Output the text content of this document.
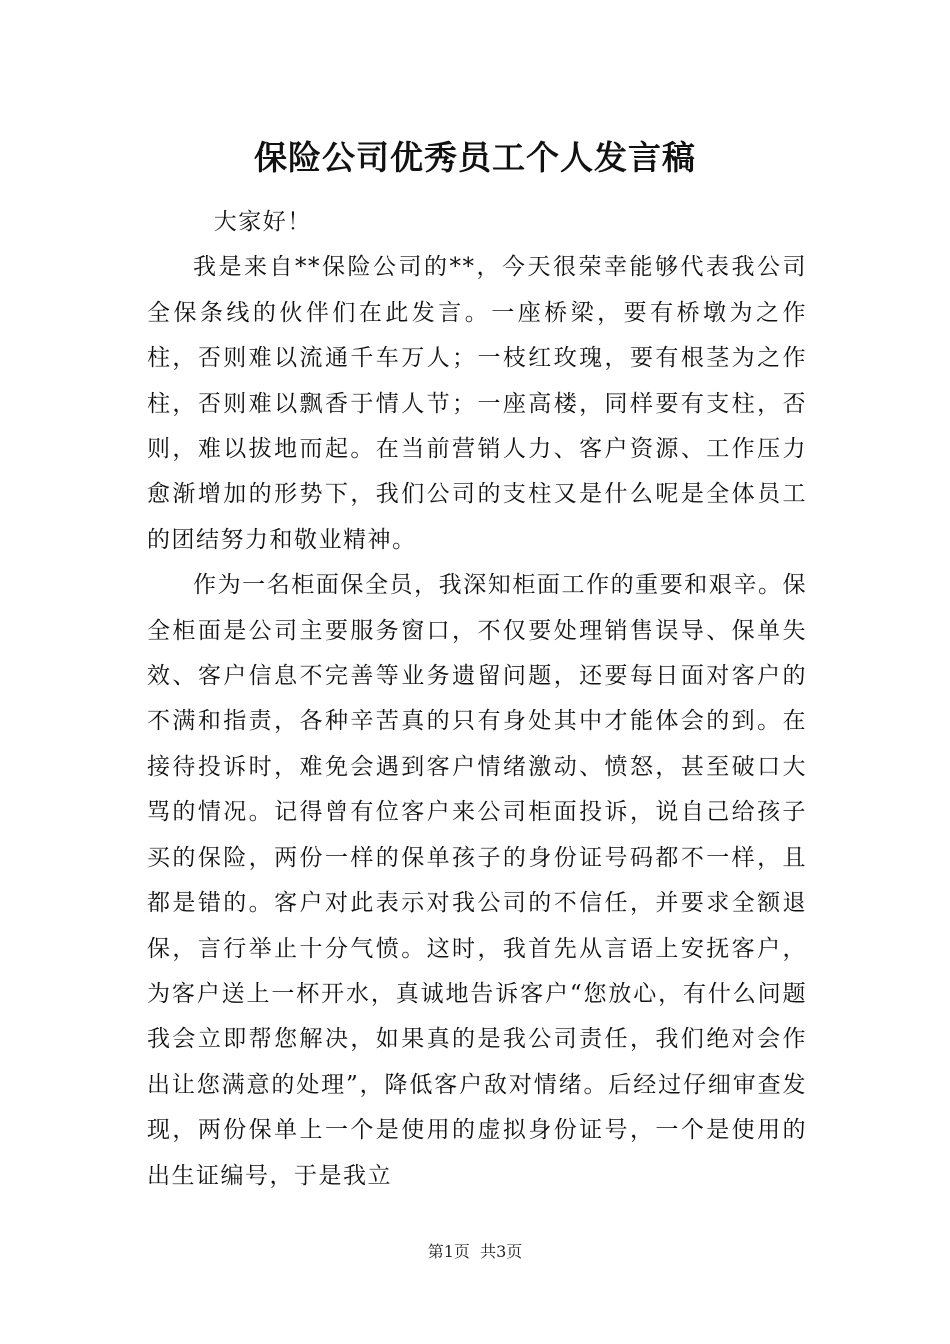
保险公司优秀员工个人发言稿

大家好！

我是来自**保险公司的**，今天很荣幸能够代表我公司全保条线的伙伴们在此发言。一座桥梁，要有桥墩为之作柱，否则难以流通千车万人；一枝红玫瑰，要有根茎为之作柱，否则难以飘香于情人节；一座高楼，同样要有支柱，否则，难以拔地而起。在当前营销人力、客户资源、工作压力愈渐增加的形势下，我们公司的支柱又是什么呢是全体员工的团结努力和敬业精神。

作为一名柜面保全员，我深知柜面工作的重要和艰辛。保全柜面是公司主要服务窗口，不仅要处理销售误导、保单失效、客户信息不完善等业务遗留问题，还要每日面对客户的不满和指责，各种辛苦真的只有身处其中才能体会的到。在接待投诉时，难免会遇到客户情绪激动、愤怒，甚至破口大骂的情况。记得曾有位客户来公司柜面投诉，说自己给孩子买的保险，两份一样的保单孩子的身份证号码都不一样，且都是错的。客户对此表示对我公司的不信任，并要求全额退保，言行举止十分气愤。这时，我首先从言语上安抚客户，为客户送上一杯开水，真诚地告诉客户“您放心，有什么问题我会立即帮您解决，如果真的是我公司责任，我们绝对会作出让您满意的处理”，降低客户敌对情绪。后经过仔细审查发现，两份保单上一个是使用的虚拟身份证号，一个是使用的出生证编号，于是我立

第1页 共3页
